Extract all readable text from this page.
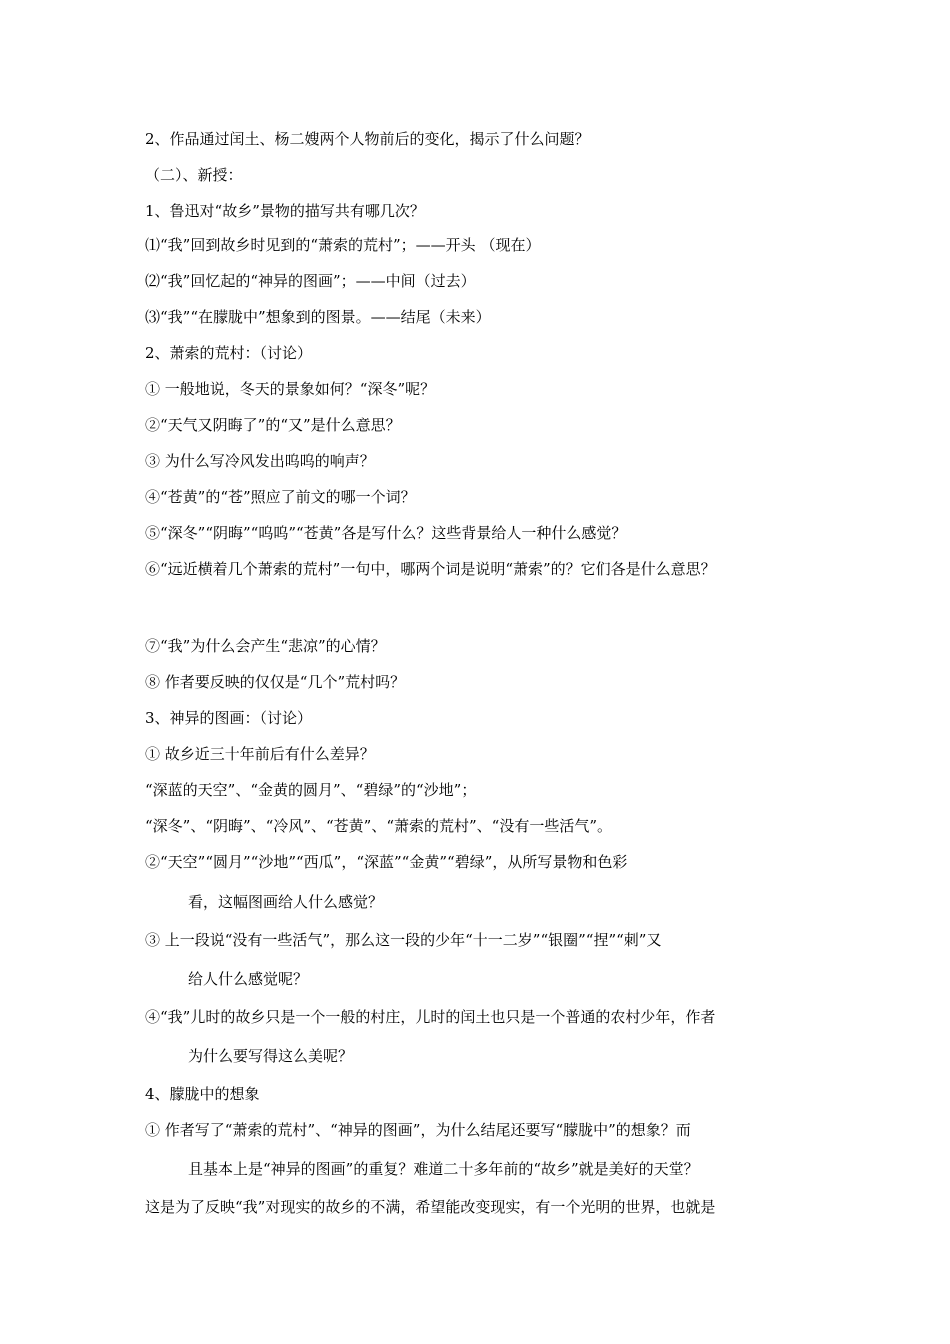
2、作品通过闰土、杨二嫂两个人物前后的变化，揭示了什么问题？
（二）、新授：
1、鲁迅对“故乡”景物的描写共有哪几次？
⑴“我”回到故乡时见到的“萧索的荒村”；——开头 （现在）
⑵“我”回忆起的“神异的图画”；——中间（过去）
⑶“我”“在朦胧中”想象到的图景。——结尾（未来）
2、萧索的荒村：（讨论）
① 一般地说，冬天的景象如何？“深冬”呢？
②“天气又阴晦了”的“又”是什么意思？
③ 为什么写冷风发出呜呜的响声？
④“苍黄”的“苍”照应了前文的哪一个词？
⑤“深冬”“阴晦”“呜呜”“苍黄”各是写什么？这些背景给人一种什么感觉？
⑥“远近横着几个萧索的荒村”一句中，哪两个词是说明“萧索”的？它们各是什么意思？
⑦“我”为什么会产生“悲凉”的心情？
⑧ 作者要反映的仅仅是“几个”荒村吗？
3、神异的图画：（讨论）
① 故乡近三十年前后有什么差异？
“深蓝的天空”、“金黄的圆月”、“碧绿”的“沙地”；
“深冬”、“阴晦”、“冷风”、“苍黄”、“萧索的荒村”、“没有一些活气”。
②“天空”“圆月”“沙地”“西瓜”，“深蓝”“金黄”“碧绿”，从所写景物和色彩
看，这幅图画给人什么感觉？
③ 上一段说“没有一些活气”，那么这一段的少年“十一二岁”“银圈”“捏”“刺”又
给人什么感觉呢？
④“我”儿时的故乡只是一个一般的村庄，儿时的闰土也只是一个普通的农村少年，作者
为什么要写得这么美呢？
4、朦胧中的想象
① 作者写了“萧索的荒村”、“神异的图画”，为什么结尾还要写“朦胧中”的想象？而
且基本上是“神异的图画”的重复？难道二十多年前的“故乡”就是美好的天堂？
这是为了反映“我”对现实的故乡的不满，希望能改变现实，有一个光明的世界，也就是
